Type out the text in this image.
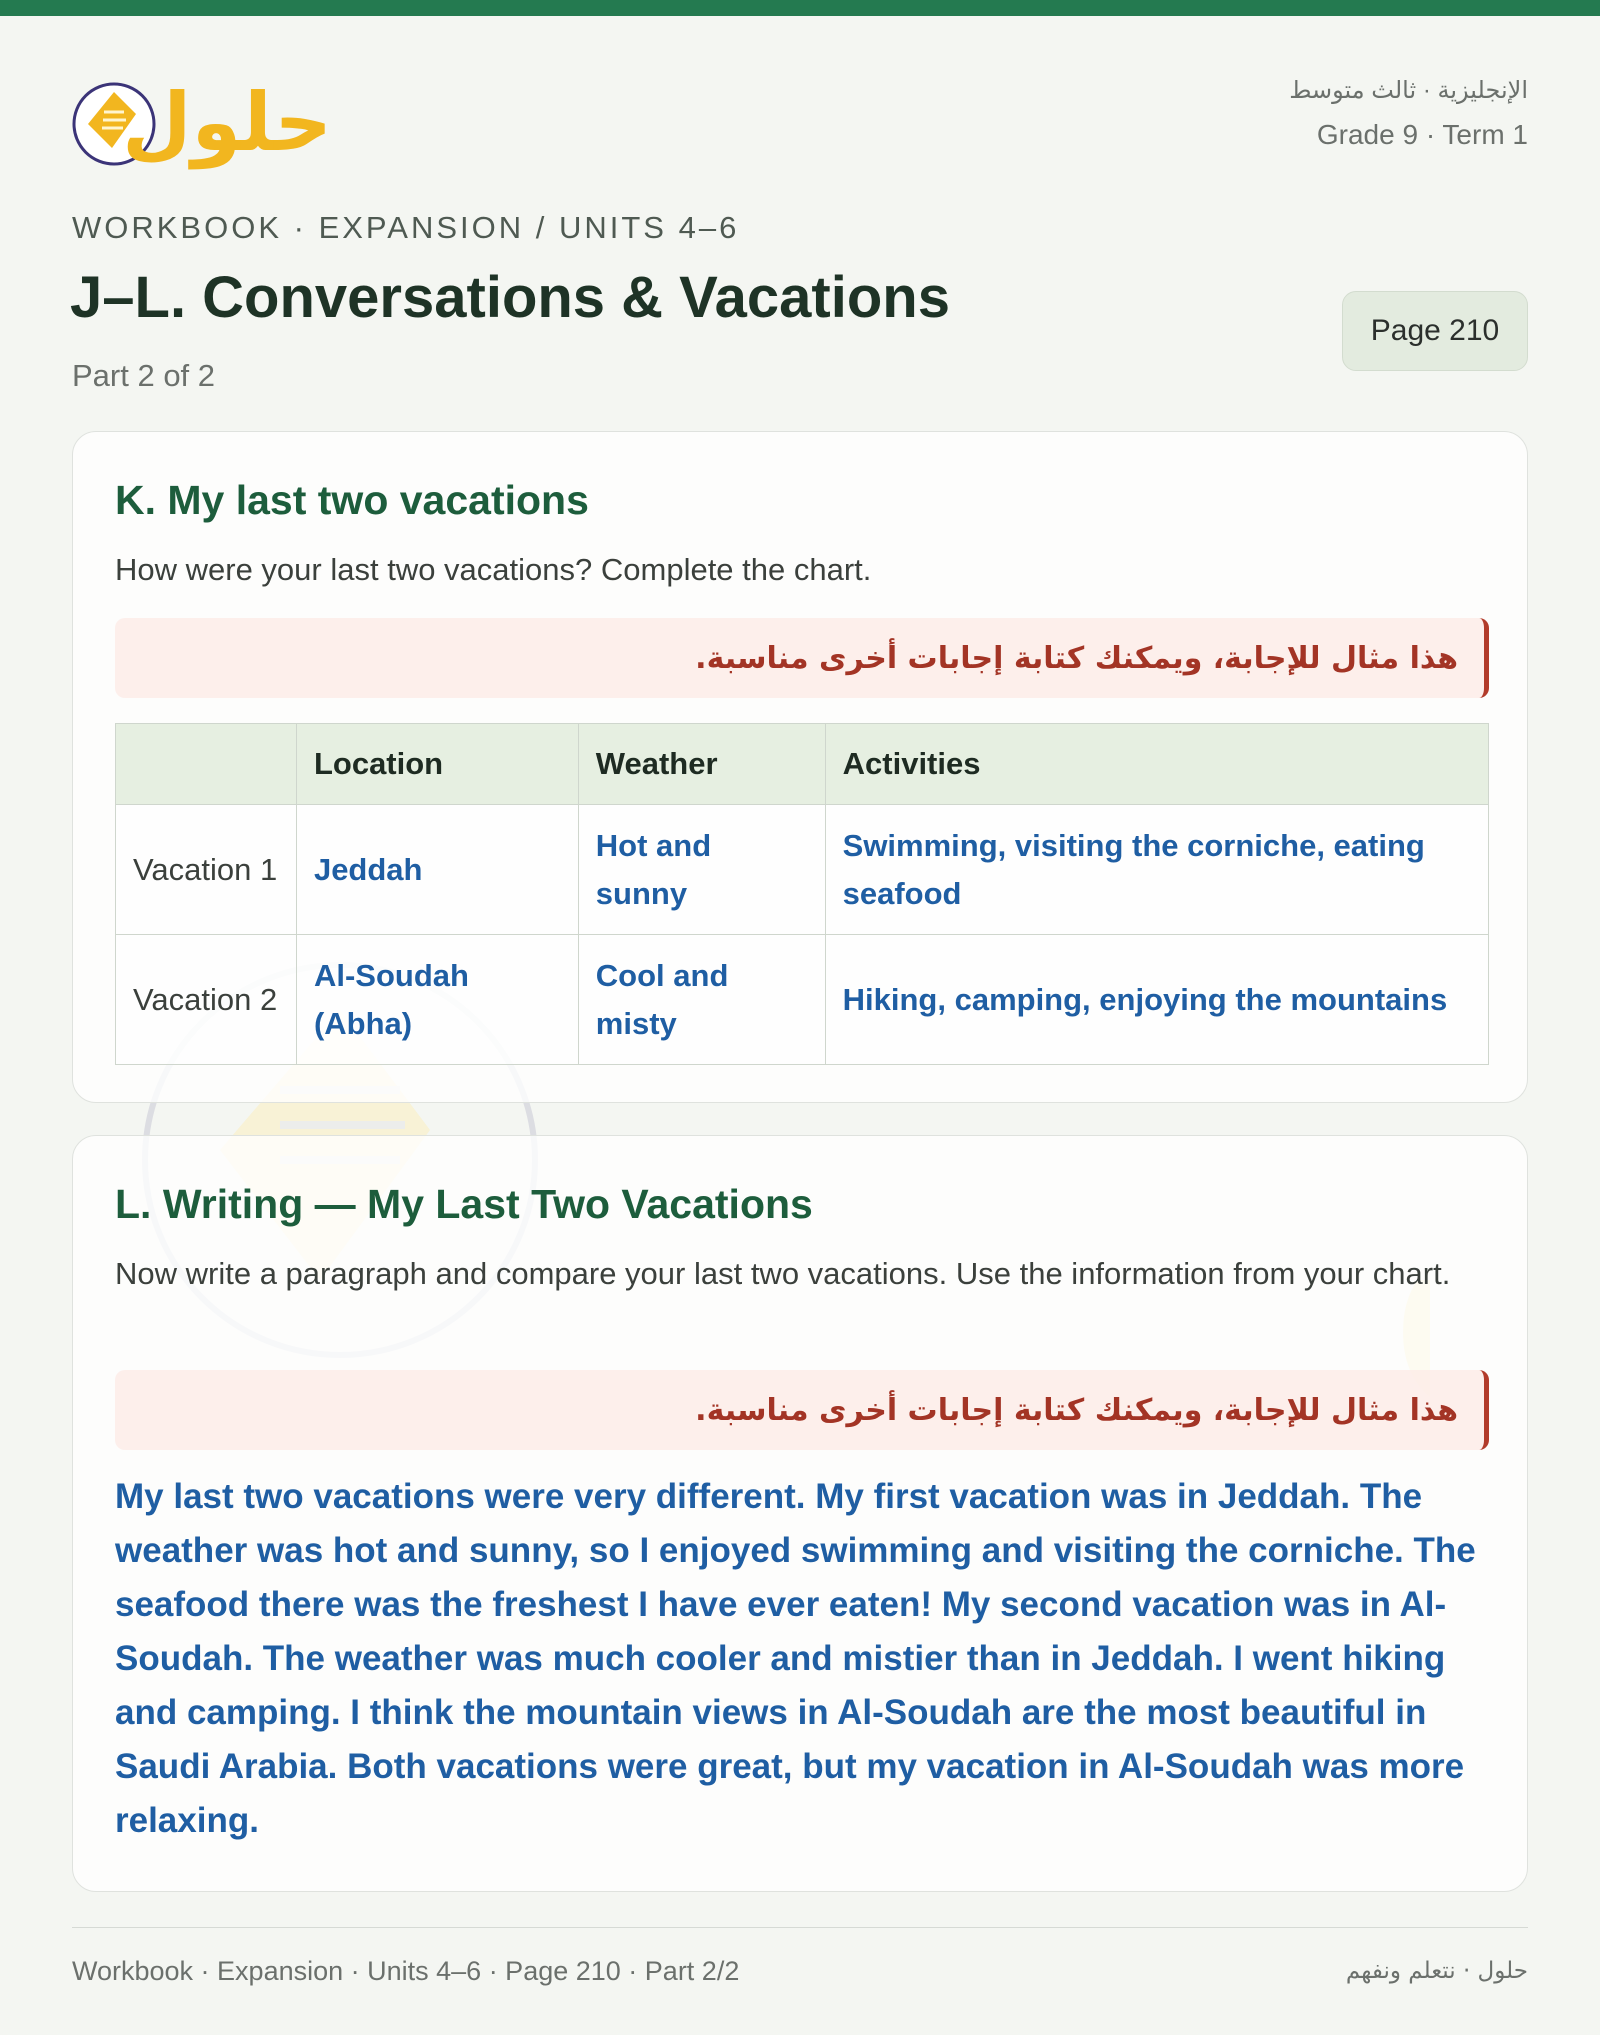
حلول	الإنجليزية · ثالث متوسط
Grade 9 · Term 1
WORKBOOK · EXPANSION / UNITS 4–6
J–L. Conversations & Vacations
Part 2 of 2
Page 210
K. My last two vacations
How were your last two vacations? Complete the chart.
هذا مثال للإجابة، ويمكنك كتابة إجابات أخرى مناسبة.
	Location	Weather	Activities
Vacation 1	Jeddah	Hot and sunny	Swimming, visiting the corniche, eating seafood
Vacation 2	Al-Soudah (Abha)	Cool and misty	Hiking, camping, enjoying the mountains
L. Writing — My Last Two Vacations
Now write a paragraph and compare your last two vacations. Use the information from your chart.
هذا مثال للإجابة، ويمكنك كتابة إجابات أخرى مناسبة.
My last two vacations were very different. My first vacation was in Jeddah. The weather was hot and sunny, so I enjoyed swimming and visiting the corniche. The seafood there was the freshest I have ever eaten! My second vacation was in Al-Soudah. The weather was much cooler and mistier than in Jeddah. I went hiking and camping. I think the mountain views in Al-Soudah are the most beautiful in Saudi Arabia. Both vacations were great, but my vacation in Al-Soudah was more relaxing.
Workbook · Expansion · Units 4–6 · Page 210 · Part 2/2	حلول · نتعلم ونفهم
